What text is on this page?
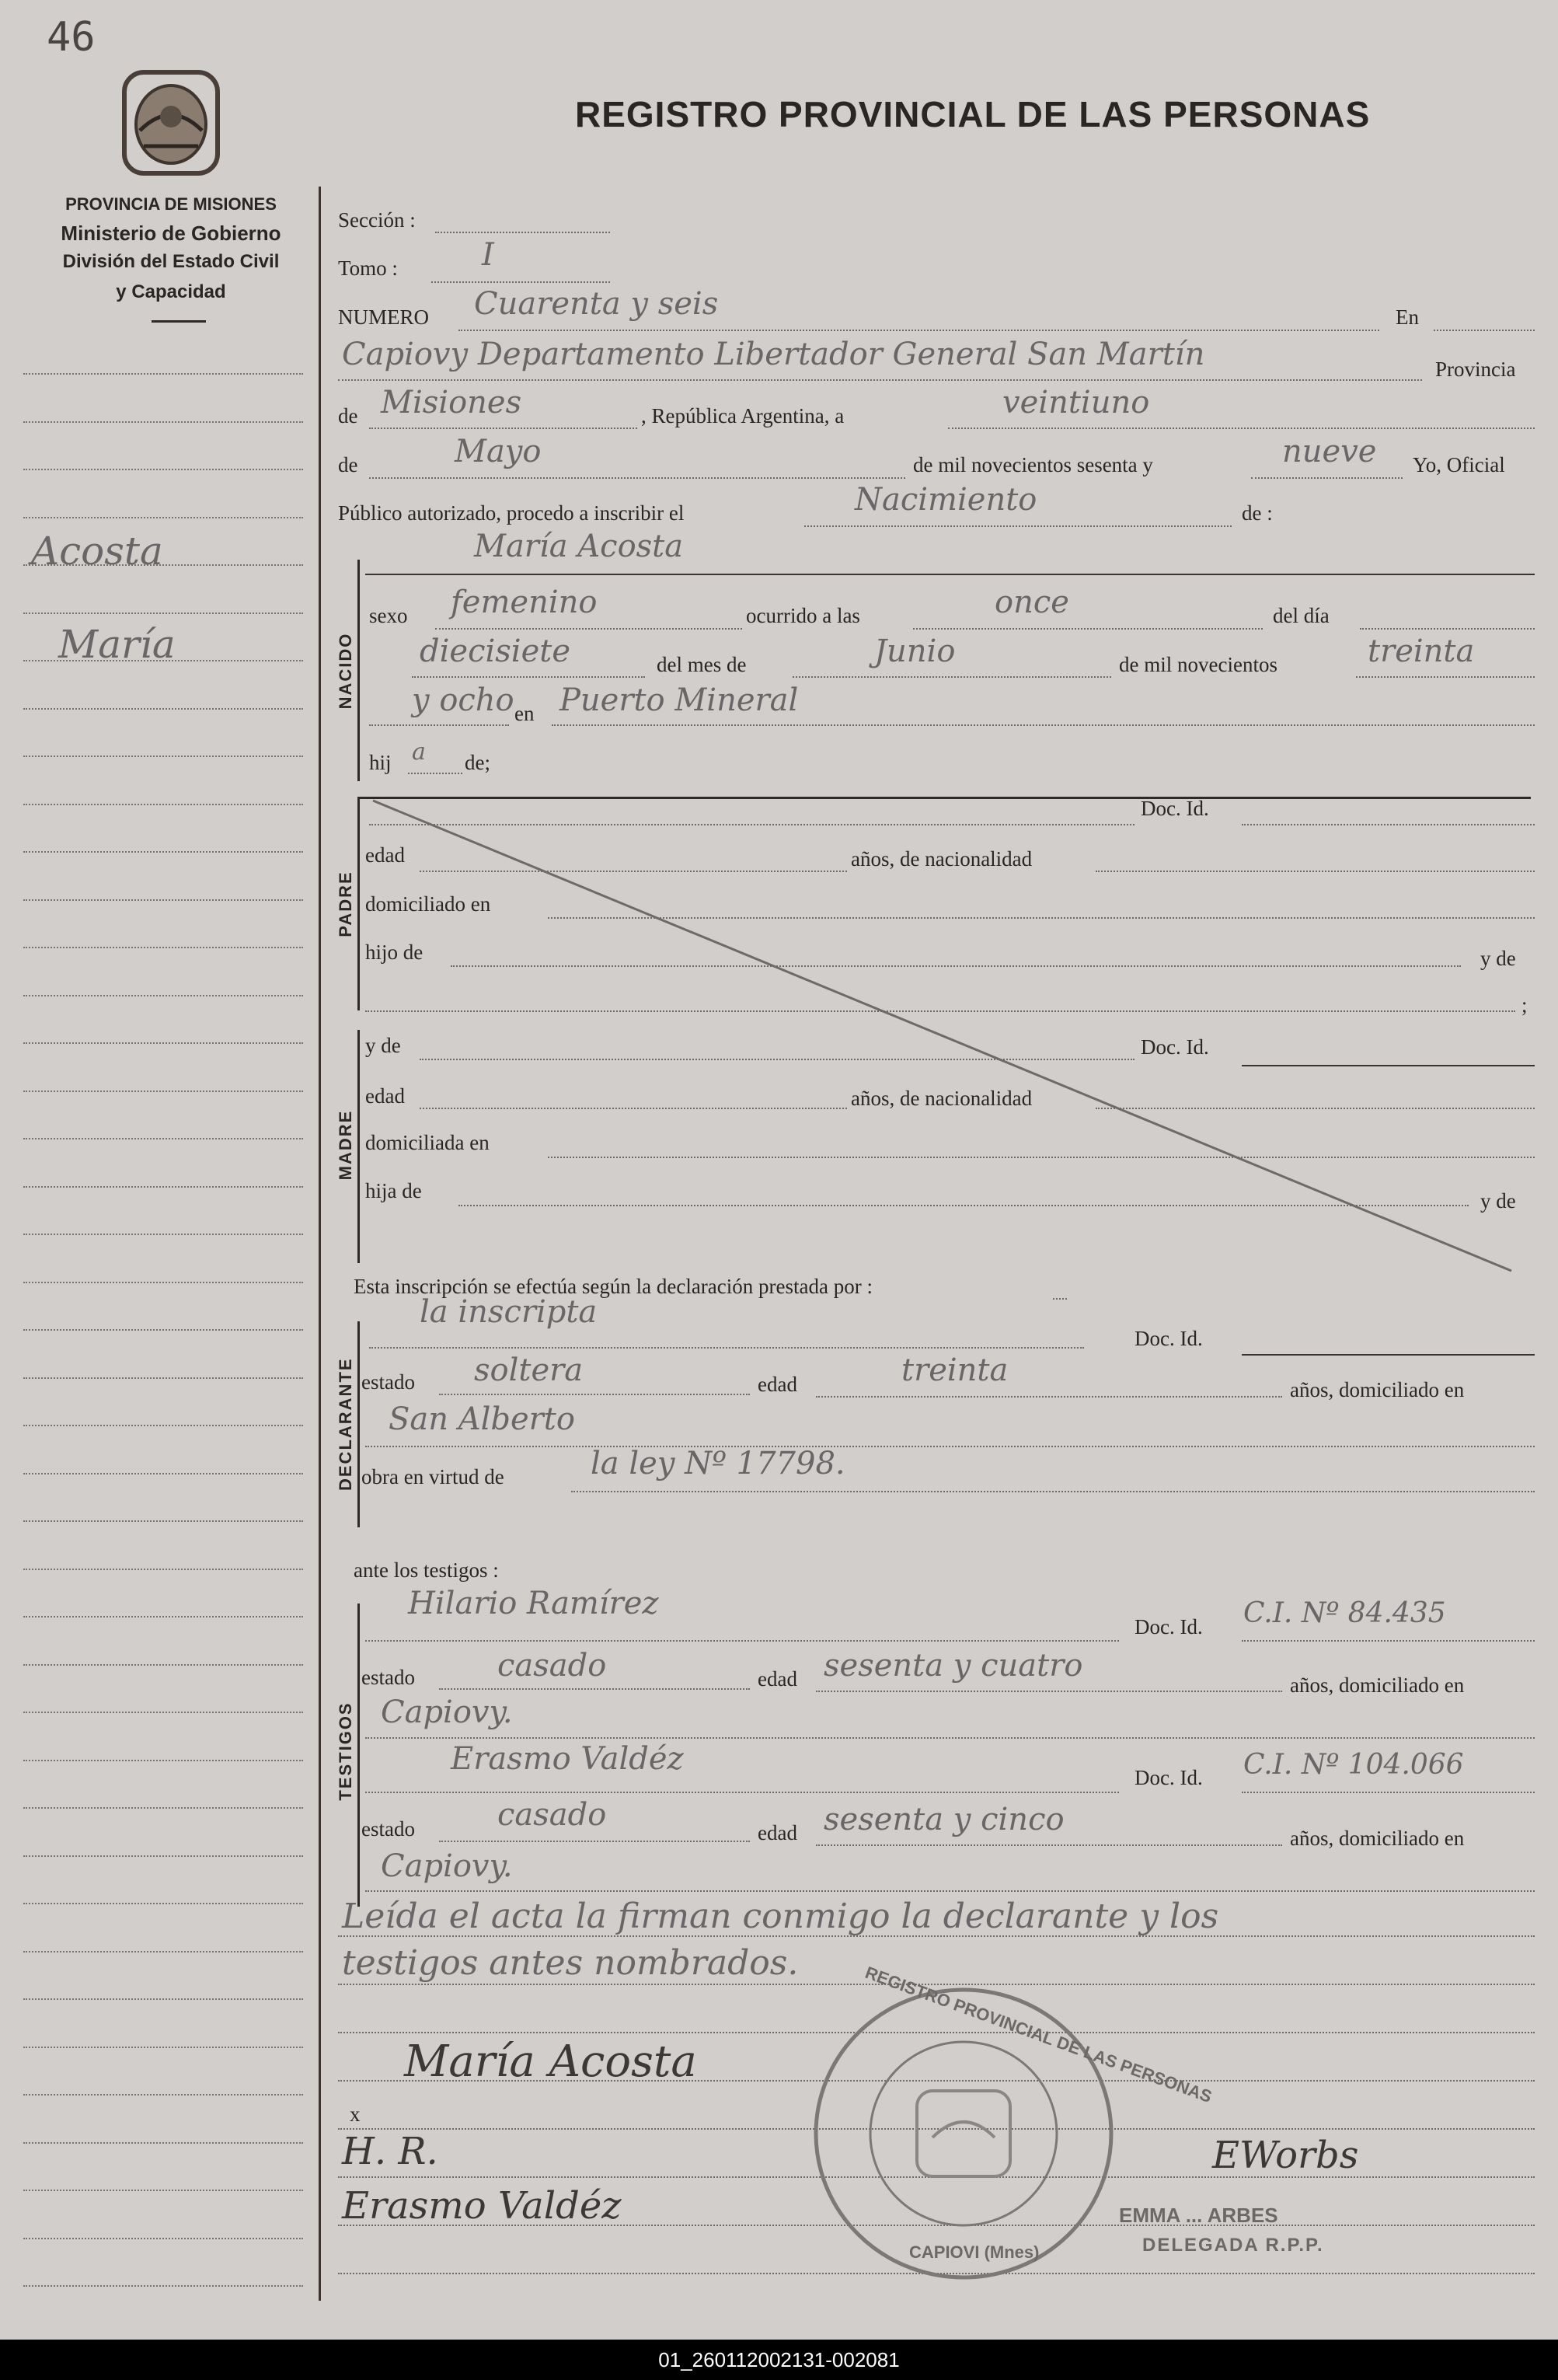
46
PROVINCIA DE MISIONES
Ministerio de Gobierno
División del Estado Civil
y Capacidad
REGISTRO PROVINCIAL DE LAS PERSONAS
Acosta
María
Sección :
Tomo :	I
NUMERO Cuarenta y seis	En
Capiovy Departamento Libertador General San Martín	Provincia
de Misiones	, República Argentina, a	veintiuno
de	Mayo	de mil novecientos sesenta y	nueve Yo, Oficial
Público autorizado, procedo a inscribir el	Nacimiento	de :
María Acosta
NACIDO
sexo femenino	ocurrido a las	once	del día
diecisiete	del mes de	Junio	de mil novecientos	treinta
y ocho en Puerto Mineral
hij a de;
PADRE
Doc. Id.
edad	años, de nacionalidad
domiciliado en
hijo de	y de
;
MADRE
y de	Doc. Id.
edad	años, de nacionalidad
domiciliada en
hija de	y de
Esta inscripción se efectúa según la declaración prestada por :
DECLARANTE
la inscripta
Doc. Id.
estado soltera	edad	treinta
años, domiciliado en
San Alberto
obra en virtud de	la ley Nº 17798.
ante los testigos :
TESTIGOS
Hilario Ramírez
Doc. Id. C.I. Nº 84.435
estado	casado	edad sesenta y cuatro
años, domiciliado en
Capiovy.
Erasmo Valdéz
Doc. Id. C.I. Nº 104.066
estado	casado	edad sesenta y cinco
años, domiciliado en
Capiovy.
Leída el acta la firman conmigo la declarante y los
testigos antes nombrados.
María Acosta
x
H. R.
Erasmo Valdéz
EWorbs
REGISTRO PROVINCIAL DE LAS PERSONAS
CAPIOVI (Mnes)
EMMA ... ARBES
DELEGADA R.P.P.
01_260112002131-002081
